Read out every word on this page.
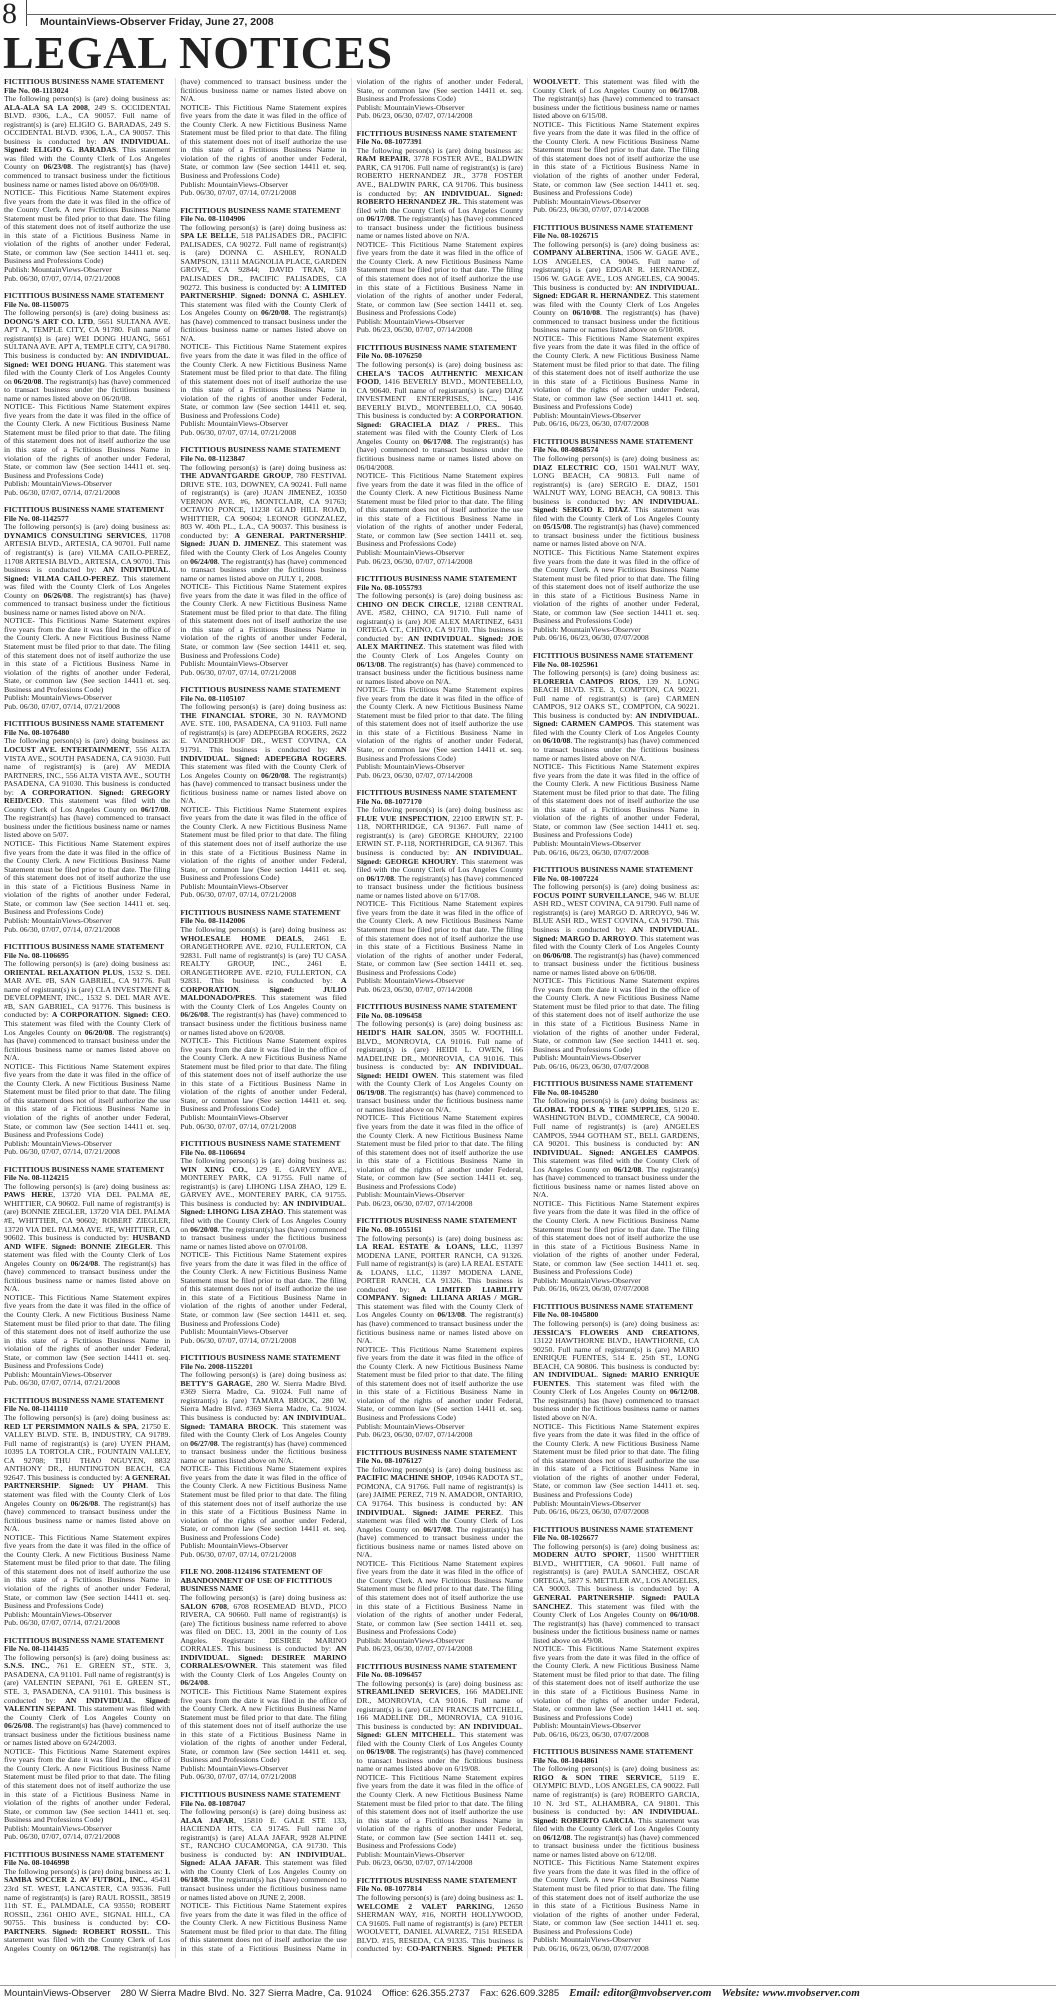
8 MountainViews-Observer Friday, June 27, 2008
LEGAL NOTICES
FICTITIOUS BUSINESS NAME STATEMENT
File No. 08-1113024
The following person(s) is (are) doing business as: ALA-ALA SA LA 2008, 249 S. OCCIDENTAL BLVD. #306, L.A., CA 90057. Full name of registrant(s) is (are) ELIGIO G. BARADAS, 249 S. OCCIDENTAL BLVD. #306, L.A., CA 90057. This business is conducted by: AN INDIVIDUAL. Signed: ELIGIO G. BARADAS. This statement was filed with the County Clerk of Los Angeles County on 06/23/08. The registrant(s) has (have) commenced to transact business under the fictitious business name or names listed above on 06/09/08.
NOTICE- This Fictitious Name Statement expires five years from the date it was filed in the office of the County Clerk. A new Fictitious Business Name Statement must be filed prior to that date. The filing of this statement does not of itself authorize the use in this state of a Fictitious Business Name in violation of the rights of another under Federal, State, or common law (See section 14411 et. seq. Business and Professions Code)
Publish: MountainViews-Observer
Pub. 06/30, 07/07, 07/14, 07/21/2008
FICTITIOUS BUSINESS NAME STATEMENT
File No. 08-1150075
The following person(s) is (are) doing business as: DOONG'S ART CO. LTD, 5651 SULTANA AVE. APT A, TEMPLE CITY, CA 91780. Full name of registrant(s) is (are) WEI DONG HUANG, 5651 SULTANA AVE. APT A, TEMPLE CITY, CA 91780. This business is conducted by: AN INDIVIDUAL. Signed: WEI DONG HUANG. This statement was filed with the County Clerk of Los Angeles County on 06/20/08. The registrant(s) has (have) commenced to transact business under the fictitious business name or names listed above on 06/20/08.
NOTICE- This Fictitious Name Statement expires five years from the date it was filed in the office of the County Clerk. A new Fictitious Business Name Statement must be filed prior to that date. The filing of this statement does not of itself authorize the use in this state of a Fictitious Business Name in violation of the rights of another under Federal, State, or common law (See section 14411 et. seq. Business and Professions Code)
Publish: MountainViews-Observer
Pub. 06/30, 07/07, 07/14, 07/21/2008
FICTITIOUS BUSINESS NAME STATEMENT
File No. 08-1142577
The following person(s) is (are) doing business as: DYNAMICS CONSULTING SERVICES, 11708 ARTESIA BLVD., ARTESIA, CA 90701. Full name of registrant(s) is (are) VILMA CAILO-PEREZ, 11708 ARTESIA BLVD., ARTESIA, CA 90701. This business is conducted by: AN INDIVIDUAL. Signed: VILMA CAILO-PEREZ. This statement was filed with the County Clerk of Los Angeles County on 06/26/08. The registrant(s) has (have) commenced to transact business under the fictitious business name or names listed above on N/A.
NOTICE- This Fictitious Name Statement expires five years from the date it was filed in the office of the County Clerk. A new Fictitious Business Name Statement must be filed prior to that date. The filing of this statement does not of itself authorize the use in this state of a Fictitious Business Name in violation of the rights of another under Federal, State, or common law (See section 14411 et. seq. Business and Professions Code)
Publish: MountainViews-Observer
Pub. 06/30, 07/07, 07/14, 07/21/2008
FICTITIOUS BUSINESS NAME STATEMENT
File No. 08-1076480
The following person(s) is (are) doing business as: LOCUST AVE. ENTERTAINMENT, 556 ALTA VISTA AVE., SOUTH PASADENA, CA 91030. Full name of registrant(s) is (are) AV MEDIA PARTNERS, INC., 556 ALTA VISTA AVE., SOUTH PASADENA, CA 91030. This business is conducted by: A CORPORATION. Signed: GREGORY REID/CEO. This statement was filed with the County Clerk of Los Angeles County on 06/17/08. The registrant(s) has (have) commenced to transact business under the fictitious business name or names listed above on 5/07.
NOTICE- This Fictitious Name Statement expires five years from the date it was filed in the office of the County Clerk. A new Fictitious Business Name Statement must be filed prior to that date. The filing of this statement does not of itself authorize the use in this state of a Fictitious Business Name in violation of the rights of another under Federal, State, or common law (See section 14411 et. seq. Business and Professions Code)
Publish: MountainViews-Observer
Pub. 06/30, 07/07, 07/14, 07/21/2008
FICTITIOUS BUSINESS NAME STATEMENT
File No. 08-1106695
The following person(s) is (are) doing business as: ORIENTAL RELAXATION PLUS, 1532 S. DEL MAR AVE. #B, SAN GABRIEL, CA 91776. Full name of registrant(s) is (are) CLA INVESTMENT & DEVELOPMENT, INC., 1532 S. DEL MAR AVE. #B, SAN GABRIEL, CA 91776. This business is conducted by: A CORPORATION. Signed: CEO. This statement was filed with the County Clerk of Los Angeles County on 06/20/08. The registrant(s) has (have) commenced to transact business under the fictitious business name or names listed above on N/A.
NOTICE- This Fictitious Name Statement expires five years from the date it was filed in the office of the County Clerk. A new Fictitious Business Name Statement must be filed prior to that date. The filing of this statement does not of itself authorize the use in this state of a Fictitious Business Name in violation of the rights of another under Federal, State, or common law (See section 14411 et. seq. Business and Professions Code)
Publish: MountainViews-Observer
Pub. 06/30, 07/07, 07/14, 07/21/2008
FICTITIOUS BUSINESS NAME STATEMENT
File No. 08-1124215
The following person(s) is (are) doing business as: PAWS HERE, 13720 VIA DEL PALMA #E, WHITTIER, CA 90602. Full name of registrant(s) is (are) BONNIE ZIEGLER, 13720 VIA DEL PALMA #E, WHITTIER, CA 90602; ROBERT ZIEGLER, 13720 VIA DEL PALMA AVE. #E, WHITTIER, CA 90602. This business is conducted by: HUSBAND AND WIFE. Signed: BONNIE ZIEGLER. This statement was filed with the County Clerk of Los Angeles County on 06/24/08. The registrant(s) has (have) commenced to transact business under the fictitious business name or names listed above on N/A.
NOTICE- This Fictitious Name Statement expires five years from the date it was filed in the office of the County Clerk. A new Fictitious Business Name Statement must be filed prior to that date. The filing of this statement does not of itself authorize the use in this state of a Fictitious Business Name in violation of the rights of another under Federal, State, or common law (See section 14411 et. seq. Business and Professions Code)
Publish: MountainViews-Observer
Pub. 06/30, 07/07, 07/14, 07/21/2008
FICTITIOUS BUSINESS NAME STATEMENT
File No. 08-1141110
The following person(s) is (are) doing business as: RED LT PERSIMMON NAILS & SPA, 21750 E. VALLEY BLVD. STE. B, INDUSTRY, CA 91789. Full name of registrant(s) is (are) UYEN PHAM, 10395 LA TORTOLA CIR., FOUNTAIN VALLEY, CA 92708; THU THAO NGUYEN, 8832 ANTHONY DR., HUNTINGTON BEACH, CA 92647. This business is conducted by: A GENERAL PARTNERSHIP. Signed: UY PHAM. This statement was filed with the County Clerk of Los Angeles County on 06/26/08. The registrant(s) has (have) commenced to transact business under the fictitious business name or names listed above on N/A.
NOTICE- This Fictitious Name Statement expires five years from the date it was filed in the office of the County Clerk. A new Fictitious Business Name Statement must be filed prior to that date. The filing of this statement does not of itself authorize the use in this state of a Fictitious Business Name in violation of the rights of another under Federal, State, or common law (See section 14411 et. seq. Business and Professions Code)
Publish: MountainViews-Observer
Pub. 06/30, 07/07, 07/14, 07/21/2008
FICTITIOUS BUSINESS NAME STATEMENT
File No. 08-1141435
The following person(s) is (are) doing business as: S.N.S. INC., 761 E. GREEN ST., STE. 3, PASADENA, CA 91101. Full name of registrant(s) is (are) VALENTIN SEPANI, 761 E. GREEN ST., STE. 3, PASADENA, CA 91101. This business is conducted by: AN INDIVIDUAL. Signed: VALENTIN SEPANI. This statement was filed with the County Clerk of Los Angeles County on 06/26/08. The registrant(s) has (have) commenced to transact business under the fictitious business name or names listed above on 6/24/2003.
NOTICE- This Fictitious Name Statement expires five years from the date it was filed in the office of the County Clerk. A new Fictitious Business Name Statement must be filed prior to that date. The filing of this statement does not of itself authorize the use in this state of a Fictitious Business Name in violation of the rights of another under Federal, State, or common law (See section 14411 et. seq. Business and Professions Code)
Publish: MountainViews-Observer
Pub. 06/30, 07/07, 07/14, 07/21/2008
FICTITIOUS BUSINESS NAME STATEMENT
File No. 08-1046998
The following person(s) is (are) doing business as: 1. SAMBA SOCCER 2. AV FUTBOL, INC., 45431 23rd ST. WEST, LANCASTER, CA 93536. Full name of registrant(s) is (are) RAUL ROSSIL, 38519 11th ST. E., PALMDALE, CA 93550; ROBERT ROSSIL, 2361 OHIO AVE., SIGNAL HILL, CA 90755. This business is conducted by: CO-PARTNERS. Signed: ROBERT ROSSIL. This statement was filed with the County Clerk of Los Angeles County on 06/12/08. The registrant(s) has (have) commenced to transact business under the fictitious business name or names listed above on N/A.
NOTICE- This Fictitious Name Statement expires five years from the date it was filed in the office of the County Clerk. A new Fictitious Business Name Statement must be filed prior to that date. The filing of this statement does not of itself authorize the use in this state of a Fictitious Business Name in violation of the rights of another under Federal, State, or common law (See section 14411 et. seq. Business and Professions Code)
Publish: MountainViews-Observer
Pub. 06/30, 07/07, 07/14, 07/21/2008
FICTITIOUS BUSINESS NAME STATEMENT
File No. 08-1104906
The following person(s) is (are) doing business as: SPA LE BELLE, 518 PALISADES DR., PACIFIC PALISADES, CA 90272. Full name of registrant(s) is (are) DONNA C. ASHLEY, RONALD SAMPSON, 13111 MAGNOLIA PLACE, GARDEN GROVE, CA 92844; DAVID TRAN, 518 PALISADES DR., PACIFIC PALISADES, CA 90272. This business is conducted by: A LIMITED PARTNERSHIP. Signed: DONNA C. ASHLEY. This statement was filed with the County Clerk of Los Angeles County on 06/20/08. The registrant(s) has (have) commenced to transact business under the fictitious business name or names listed above on N/A.
NOTICE- This Fictitious Name Statement expires five years from the date it was filed in the office of the County Clerk. A new Fictitious Business Name Statement must be filed prior to that date. The filing of this statement does not of itself authorize the use in this state of a Fictitious Business Name in violation of the rights of another under Federal, State, or common law (See section 14411 et. seq. Business and Professions Code)
Publish: MountainViews-Observer
Pub. 06/30, 07/07, 07/14, 07/21/2008
FICTITIOUS BUSINESS NAME STATEMENT
File No. 08-1123847
The following person(s) is (are) doing business as: THE ADVANTGARDE GROUP, 780 FESTIVAL DRIVE STE. 103, DOWNEY, CA 90241. Full name of registrant(s) is (are) JUAN JIMENEZ, 10350 VERNON AVE. #6, MONTCLAIR, CA 91763; OCTAVIO PONCE, 11238 GLAD HILL ROAD, WHITTIER, CA 90604; LEONOR GONZALEZ, 803 W. 40th PL., L.A., CA 90037. This business is conducted by: A GENERAL PARTNERSHIP. Signed: JUAN D. JIMENEZ. This statement was filed with the County Clerk of Los Angeles County on 06/24/08. The registrant(s) has (have) commenced to transact business under the fictitious business name or names listed above on JULY 1, 2008.
NOTICE- This Fictitious Name Statement expires five years from the date it was filed in the office of the County Clerk. A new Fictitious Business Name Statement must be filed prior to that date. The filing of this statement does not of itself authorize the use in this state of a Fictitious Business Name in violation of the rights of another under Federal, State, or common law (See section 14411 et. seq. Business and Professions Code)
Publish: MountainViews-Observer
Pub. 06/30, 07/07, 07/14, 07/21/2008
FICTITIOUS BUSINESS NAME STATEMENT
File No. 08-1105107
The following person(s) is (are) doing business as: THE FINANCIAL STORE, 30 N. RAYMOND AVE. STE. 100, PASADENA, CA 91103. Full name of registrant(s) is (are) ADEPEGBA ROGERS, 2622 E. VANDERHOOF DR., WEST COVINA, CA 91791. This business is conducted by: AN INDIVIDUAL. Signed: ADEPEGBA ROGERS. This statement was filed with the County Clerk of Los Angeles County on 06/20/08. The registrant(s) has (have) commenced to transact business under the fictitious business name or names listed above on N/A.
NOTICE- This Fictitious Name Statement expires five years from the date it was filed in the office of the County Clerk. A new Fictitious Business Name Statement must be filed prior to that date. The filing of this statement does not of itself authorize the use in this state of a Fictitious Business Name in violation of the rights of another under Federal, State, or common law (See section 14411 et. seq. Business and Professions Code)
Publish: MountainViews-Observer
Pub. 06/30, 07/07, 07/14, 07/21/2008
FICTITIOUS BUSINESS NAME STATEMENT
File No. 08-1142006
The following person(s) is (are) doing business as: WHOLESALE HOME DEALS, 2461 E. ORANGETHORPE AVE. #210, FULLERTON, CA 92831. Full name of registrant(s) is (are) TU CASA REALTY GROUP, INC., 2461 E. ORANGETHORPE AVE. #210, FULLERTON, CA 92831. This business is conducted by: A CORPORATION. Signed:	JULIO MALDONADO/PRES. This statement was filed with the County Clerk of Los Angeles County on 06/26/08. The registrant(s) has (have) commenced to transact business under the fictitious business name or names listed above on 6/20/08.
NOTICE- This Fictitious Name Statement expires five years from the date it was filed in the office of the County Clerk. A new Fictitious Business Name Statement must be filed prior to that date. The filing of this statement does not of itself authorize the use in this state of a Fictitious Business Name in violation of the rights of another under Federal, State, or common law (See section 14411 et. seq. Business and Professions Code)
Publish: MountainViews-Observer
Pub. 06/30, 07/07, 07/14, 07/21/2008
FICTITIOUS BUSINESS NAME STATEMENT
File No. 08-1106694
The following person(s) is (are) doing business as: WIN XING CO., 129 E. GARVEY AVE., MONTEREY PARK, CA 91755. Full name of registrant(s) is (are) LIHONG LISA ZHAO, 129 E. GARVEY AVE., MONTEREY PARK, CA 91755. This business is conducted by: AN INDIVIDUAL. Signed: LIHONG LISA ZHAO. This statement was filed with the County Clerk of Los Angeles County on 06/20/08. The registrant(s) has (have) commenced to transact business under the fictitious business name or names listed above on 07/01/08.
NOTICE- This Fictitious Name Statement expires five years from the date it was filed in the office of the County Clerk. A new Fictitious Business Name Statement must be filed prior to that date. The filing of this statement does not of itself authorize the use in this state of a Fictitious Business Name in violation of the rights of another under Federal, State, or common law (See section 14411 et. seq. Business and Professions Code)
Publish: MountainViews-Observer
Pub. 06/30, 07/07, 07/14, 07/21/2008
FICTITIOUS BUSINESS NAME STATEMENT
File No. 2008-1152201
The following person(s) is (are) doing business as: BETTY'S GARAGE, 280 W. Sierra Madre Blvd. #369 Sierra Madre, Ca. 91024. Full name of registrant(s) is (are) TAMARA BROCK, 280 W. Sierra Madre Blvd. #369 Sierra Madre, Ca. 91024. This business is conducted by: AN INDIVIDUAL. Signed: TAMARA BROCK. This statement was filed with the County Clerk of Los Angeles County on 06/27/08. The registrant(s) has (have) commenced to transact business under the fictitious business name or names listed above on N/A.
NOTICE- This Fictitious Name Statement expires five years from the date it was filed in the office of the County Clerk. A new Fictitious Business Name Statement must be filed prior to that date. The filing of this statement does not of itself authorize the use in this state of a Fictitious Business Name in violation of the rights of another under Federal, State, or common law (See section 14411 et. seq. Business and Professions Code)
Publish: MountainViews-Observer
Pub. 06/30, 07/07, 07/14, 07/21/2008
FILE NO. 2008-1124196 STATEMENT OF ABANDONMENT OF USE OF FICTITIOUS BUSINESS NAME
The following person(s) is (are) doing business as: SALON 6708, 6708 ROSEMEAD BLVD., PICO RIVERA, CA 90660. Full name of registrant(s) is (are) The fictitious business name referred to above was filed on DEC. 13, 2001 in the county of Los Angeles. Registrant: DESIREE MARINO CORRALES. This business is conducted by: AN INDIVIDUAL. Signed: DESIREE MARINO CORRALES/OWNER. This statement was filed with the County Clerk of Los Angeles County on 06/24/08.
NOTICE- This Fictitious Name Statement expires five years from the date it was filed in the office of the County Clerk. A new Fictitious Business Name Statement must be filed prior to that date. The filing of this statement does not of itself authorize the use in this state of a Fictitious Business Name in violation of the rights of another under Federal, State, or common law (See section 14411 et. seq. Business and Professions Code)
Publish: MountainViews-Observer
Pub. 06/30, 07/07, 07/14, 07/21/2008
FICTITIOUS BUSINESS NAME STATEMENT
File No. 08-1087047
The following person(s) is (are) doing business as: ALAA JAFAR, 15810 E. GALE STE 133, HACIENDA HTS, CA 91745. Full name of registrant(s) is (are) ALAA JAFAR, 9928 ALPINE ST., RANCHO CUCAMONGA, CA 91730. This business is conducted by: AN INDIVIDUAL. Signed: ALAA JAFAR. This statement was filed with the County Clerk of Los Angeles County on 06/18/08. The registrant(s) has (have) commenced to transact business under the fictitious business name or names listed above on JUNE 2, 2008.
NOTICE- This Fictitious Name Statement expires five years from the date it was filed in the office of the County Clerk. A new Fictitious Business Name Statement must be filed prior to that date. The filing of this statement does not of itself authorize the use in this state of a Fictitious Business Name in violation of the rights of another under Federal, State, or common law (See section 14411 et. seq. Business and Professions Code)
Publish: MountainViews-Observer
Pub. 06/23, 06/30, 07/07, 07/14/2008
FICTITIOUS BUSINESS NAME STATEMENT
File No. 08-1077391
The following person(s) is (are) doing business as: R&M REPAIR, 3778 FOSTER AVE., BALDWIN PARK, CA 91706. Full name of registrant(s) is (are) ROBERTO HERNANDEZ JR., 3778 FOSTER AVE., BALDWIN PARK, CA 91706. This business is conducted by: AN INDIVIDUAL. Signed: ROBERTO HERNANDEZ JR.. This statement was filed with the County Clerk of Los Angeles County on 06/17/08. The registrant(s) has (have) commenced to transact business under the fictitious business name or names listed above on N/A.
NOTICE- This Fictitious Name Statement expires five years from the date it was filed in the office of the County Clerk. A new Fictitious Business Name Statement must be filed prior to that date. The filing of this statement does not of itself authorize the use in this state of a Fictitious Business Name in violation of the rights of another under Federal, State, or common law (See section 14411 et. seq. Business and Professions Code)
Publish: MountainViews-Observer
Pub. 06/23, 06/30, 07/07, 07/14/2008
FICTITIOUS BUSINESS NAME STATEMENT
File No. 08-1076250
The following person(s) is (are) doing business as: CHELA'S TACOS AUTHENTIC MEXICAN FOOD, 1416 BEVERLY BLVD., MONTEBELLO, CA 90640. Full name of registrant(s) is (are) DIAZ INVESTMENT ENTERPRISES, INC., 1416 BEVERLY BLVD., MONTEBELLO, CA 90640. This business is conducted by: A CORPORATION. Signed: GRACIELA DIAZ / PRES.. This statement was filed with the County Clerk of Los Angeles County on 06/17/08. The registrant(s) has (have) commenced to transact business under the fictitious business name or names listed above on 06/04/2008.
NOTICE- This Fictitious Name Statement expires five years from the date it was filed in the office of the County Clerk. A new Fictitious Business Name Statement must be filed prior to that date. The filing of this statement does not of itself authorize the use in this state of a Fictitious Business Name in violation of the rights of another under Federal, State, or common law (See section 14411 et. seq. Business and Professions Code)
Publish: MountainViews-Observer
Pub. 06/23, 06/30, 07/07, 07/14/2008
FICTITIOUS BUSINESS NAME STATEMENT
File No. 08-1055793
The following person(s) is (are) doing business as: CHINO ON DECK CIRCLE, 12188 CENTRAL AVE. #582, CHINO, CA 91710. Full name of registrant(s) is (are) JOE ALEX MARTINEZ, 6431 ORTEGA CT., CHINO, CA 91710. This business is conducted by: AN INDIVIDUAL. Signed: JOE ALEX MARTINEZ. This statement was filed with the County Clerk of Los Angeles County on 06/13/08. The registrant(s) has (have) commenced to transact business under the fictitious business name or names listed above on N/A.
NOTICE- This Fictitious Name Statement expires five years from the date it was filed in the office of the County Clerk. A new Fictitious Business Name Statement must be filed prior to that date. The filing of this statement does not of itself authorize the use in this state of a Fictitious Business Name in violation of the rights of another under Federal, State, or common law (See section 14411 et. seq. Business and Professions Code)
Publish: MountainViews-Observer
Pub. 06/23, 06/30, 07/07, 07/14/2008
FICTITIOUS BUSINESS NAME STATEMENT
File No. 08-1077170
The following person(s) is (are) doing business as: FLUE VUE INSPECTION, 22100 ERWIN ST. P-118, NORTHRIDGE, CA 91367. Full name of registrant(s) is (are) GEORGE KHOURY, 22100 ERWIN ST. P-118, NORTHRIDGE, CA 91367. This business is conducted by: AN INDIVIDUAL. Signed: GEORGE KHOURY. This statement was filed with the County Clerk of Los Angeles County on 06/17/08. The registrant(s) has (have) commenced to transact business under the fictitious business name or names listed above on 6/17/08.
NOTICE- This Fictitious Name Statement expires five years from the date it was filed in the office of the County Clerk. A new Fictitious Business Name Statement must be filed prior to that date. The filing of this statement does not of itself authorize the use in this state of a Fictitious Business Name in violation of the rights of another under Federal, State, or common law (See section 14411 et. seq. Business and Professions Code)
Publish: MountainViews-Observer
Pub. 06/23, 06/30, 07/07, 07/14/2008
FICTITIOUS BUSINESS NAME STATEMENT
File No. 08-1096458
The following person(s) is (are) doing business as: HEIDI'S HAIR SALON, 3505 W. FOOTHILL BLVD., MONROVIA, CA 91016. Full name of registrant(s) is (are) HEIDI L. OWEN, 166 MADELINE DR., MONROVIA, CA 91016. This business is conducted by: AN INDIVIDUAL. Signed: HEIDI OWEN. This statement was filed with the County Clerk of Los Angeles County on 06/19/08. The registrant(s) has (have) commenced to transact business under the fictitious business name or names listed above on N/A.
NOTICE- This Fictitious Name Statement expires five years from the date it was filed in the office of the County Clerk. A new Fictitious Business Name Statement must be filed prior to that date. The filing of this statement does not of itself authorize the use in this state of a Fictitious Business Name in violation of the rights of another under Federal, State, or common law (See section 14411 et. seq. Business and Professions Code)
Publish: MountainViews-Observer
Pub. 06/23, 06/30, 07/07, 07/14/2008
FICTITIOUS BUSINESS NAME STATEMENT
File No. 08-1055161
The following person(s) is (are) doing business as: LA REAL ESTATE & LOANS, LLC, 11397 MODENA LANE, PORTER RANCH, CA 91326. Full name of registrant(s) is (are) LA REAL ESTATE & LOANS, LLC, 11397 MODENA LANE, PORTER RANCH, CA 91326. This business is conducted by: A LIMITED LIABILITY COMPANY. Signed: LILIANA ARIAS / MGR.. This statement was filed with the County Clerk of Los Angeles County on 06/13/08. The registrant(s) has (have) commenced to transact business under the fictitious business name or names listed above on N/A.
NOTICE- This Fictitious Name Statement expires five years from the date it was filed in the office of the County Clerk. A new Fictitious Business Name Statement must be filed prior to that date. The filing of this statement does not of itself authorize the use in this state of a Fictitious Business Name in violation of the rights of another under Federal, State, or common law (See section 14411 et. seq. Business and Professions Code)
Publish: MountainViews-Observer
Pub. 06/23, 06/30, 07/07, 07/14/2008
FICTITIOUS BUSINESS NAME STATEMENT
File No. 08-1076127
The following person(s) is (are) doing business as: PACIFIC MACHINE SHOP, 10946 KADOTA ST., POMONA, CA 91766. Full name of registrant(s) is (are) JAIME PEREZ, 719 N. AMADOR, ONTARIO, CA 91764. This business is conducted by: AN INDIVIDUAL. Signed: JAIME PEREZ. This statement was filed with the County Clerk of Los Angeles County on 06/17/08. The registrant(s) has (have) commenced to transact business under the fictitious business name or names listed above on N/A.
NOTICE- This Fictitious Name Statement expires five years from the date it was filed in the office of the County Clerk. A new Fictitious Business Name Statement must be filed prior to that date. The filing of this statement does not of itself authorize the use in this state of a Fictitious Business Name in violation of the rights of another under Federal, State, or common law (See section 14411 et. seq. Business and Professions Code)
Publish: MountainViews-Observer
Pub. 06/23, 06/30, 07/07, 07/14/2008
FICTITIOUS BUSINESS NAME STATEMENT
File No. 08-1096457
The following person(s) is (are) doing business as: STREAMLINED SERVICES, 166 MADELINE DR., MONROVIA, CA 91016. Full name of registrant(s) is (are) GLEN FRANCIS MITCHELL, 166 MADELINE DR., MONROVIA, CA 91016. This business is conducted by: AN INDIVIDUAL. Signed: GLEN MITCHELL. This statement was filed with the County Clerk of Los Angeles County on 06/19/08. The registrant(s) has (have) commenced to transact business under the fictitious business name or names listed above on 6/19/08.
NOTICE- This Fictitious Name Statement expires five years from the date it was filed in the office of the County Clerk. A new Fictitious Business Name Statement must be filed prior to that date. The filing of this statement does not of itself authorize the use in this state of a Fictitious Business Name in violation of the rights of another under Federal, State, or common law (See section 14411 et. seq. Business and Professions Code)
Publish: MountainViews-Observer
Pub. 06/23, 06/30, 07/07, 07/14/2008
FICTITIOUS BUSINESS NAME STATEMENT
File No. 08-1077814
The following person(s) is (are) doing business as: 1. WELCOME 2 VALET PARKING, 12650 SHERMAN WAY, #16, NORTH HOLLYWOOD, CA 91605. Full name of registrant(s) is (are) PETER WOOLVETT, DANIEL ALVAREZ, 7151 RESEDA BLVD. #15, RESEDA, CA 91335. This business is conducted by: CO-PARTNERS. Signed: PETER WOOLVETT. This statement was filed with the County Clerk of Los Angeles County on 06/17/08. The registrant(s) has (have) commenced to transact business under the fictitious business name or names listed above on 6/15/08.
NOTICE- This Fictitious Name Statement expires five years from the date it was filed in the office of the County Clerk. A new Fictitious Business Name Statement must be filed prior to that date. The filing of this statement does not of itself authorize the use in this state of a Fictitious Business Name in violation of the rights of another under Federal, State, or common law (See section 14411 et. seq. Business and Professions Code)
Publish: MountainViews-Observer
Pub. 06/23, 06/30, 07/07, 07/14/2008
FICTITIOUS BUSINESS NAME STATEMENT
File No. 08-1026715
The following person(s) is (are) doing business as: COMPANY ALBERTINA, 1506 W. GAGE AVE., LOS ANGELES, CA 90045. Full name of registrant(s) is (are) EDGAR R. HERNANDEZ, 1506 W. GAGE AVE., LOS ANGELES, CA 90045. This business is conducted by: AN INDIVIDUAL. Signed: EDGAR R. HERNANDEZ. This statement was filed with the County Clerk of Los Angeles County on 06/10/08. The registrant(s) has (have) commenced to transact business under the fictitious business name or names listed above on 6/10/08.
NOTICE- This Fictitious Name Statement expires five years from the date it was filed in the office of the County Clerk. A new Fictitious Business Name Statement must be filed prior to that date. The filing of this statement does not of itself authorize the use in this state of a Fictitious Business Name in violation of the rights of another under Federal, State, or common law (See section 14411 et. seq. Business and Professions Code)
Publish: MountainViews-Observer
Pub. 06/16, 06/23, 06/30, 07/07/2008
FICTITIOUS BUSINESS NAME STATEMENT
File No. 08-0868574
The following person(s) is (are) doing business as: DIAZ ELECTRIC CO, 1501 WALNUT WAY, LONG BEACH, CA 90813. Full name of registrant(s) is (are) SERGIO E. DIAZ, 1501 WALNUT WAY, LONG BEACH, CA 90813. This business is conducted by: AN INDIVIDUAL. Signed: SERGIO E. DIAZ. This statement was filed with the County Clerk of Los Angeles County on 05/15/08. The registrant(s) has (have) commenced to transact business under the fictitious business name or names listed above on N/A.
NOTICE- This Fictitious Name Statement expires five years from the date it was filed in the office of the County Clerk. A new Fictitious Business Name Statement must be filed prior to that date. The filing of this statement does not of itself authorize the use in this state of a Fictitious Business Name in violation of the rights of another under Federal, State, or common law (See section 14411 et. seq. Business and Professions Code)
Publish: MountainViews-Observer
Pub. 06/16, 06/23, 06/30, 07/07/2008
FICTITIOUS BUSINESS NAME STATEMENT
File No. 08-1025961
The following person(s) is (are) doing business as: FLORERIA CAMPOS RIOS, 139 N. LONG BEACH BLVD. STE. 3, COMPTON, CA 90221. Full name of registrant(s) is (are) CARMEN CAMPOS, 912 OAKS ST., COMPTON, CA 90221. This business is conducted by: AN INDIVIDUAL. Signed: CARMEN CAMPOS. This statement was filed with the County Clerk of Los Angeles County on 06/10/08. The registrant(s) has (have) commenced to transact business under the fictitious business name or names listed above on N/A.
NOTICE- This Fictitious Name Statement expires five years from the date it was filed in the office of the County Clerk. A new Fictitious Business Name Statement must be filed prior to that date. The filing of this statement does not of itself authorize the use in this state of a Fictitious Business Name in violation of the rights of another under Federal, State, or common law (See section 14411 et. seq. Business and Professions Code)
Publish: MountainViews-Observer
Pub. 06/16, 06/23, 06/30, 07/07/2008
FICTITIOUS BUSINESS NAME STATEMENT
File No. 08-1007224
The following person(s) is (are) doing business as: FOCUS POINT SURVEILLANCE, 946 W. BLUE ASH RD., WEST COVINA, CA 91790. Full name of registrant(s) is (are) MARGO D. ARROYO, 946 W. BLUE ASH RD., WEST COVINA, CA 91790. This business is conducted by: AN INDIVIDUAL. Signed: MARGO D. ARROYO. This statement was filed with the County Clerk of Los Angeles County on 06/06/08. The registrant(s) has (have) commenced to transact business under the fictitious business name or names listed above on 6/06/08.
NOTICE- This Fictitious Name Statement expires five years from the date it was filed in the office of the County Clerk. A new Fictitious Business Name Statement must be filed prior to that date. The filing of this statement does not of itself authorize the use in this state of a Fictitious Business Name in violation of the rights of another under Federal, State, or common law (See section 14411 et. seq. Business and Professions Code)
Publish: MountainViews-Observer
Pub. 06/16, 06/23, 06/30, 07/07/2008
FICTITIOUS BUSINESS NAME STATEMENT
File No. 08-1045280
The following person(s) is (are) doing business as: GLOBAL TOOLS & TIRE SUPPLIES, 5120 E. WASHINGTON BLVD., COMMERCE, CA 90040. Full name of registrant(s) is (are) ANGELES CAMPOS, 5944 GOTHAM ST., BELL GARDENS, CA 90201. This business is conducted by: AN INDIVIDUAL. Signed: ANGELES CAMPOS. This statement was filed with the County Clerk of Los Angeles County on 06/12/08. The registrant(s) has (have) commenced to transact business under the fictitious business name or names listed above on N/A.
NOTICE- This Fictitious Name Statement expires five years from the date it was filed in the office of the County Clerk. A new Fictitious Business Name Statement must be filed prior to that date. The filing of this statement does not of itself authorize the use in this state of a Fictitious Business Name in violation of the rights of another under Federal, State, or common law (See section 14411 et. seq. Business and Professions Code)
Publish: MountainViews-Observer
Pub. 06/16, 06/23, 06/30, 07/07/2008
FICTITIOUS BUSINESS NAME STATEMENT
File No. 08-1045800
The following person(s) is (are) doing business as: JESSICA'S FLOWERS AND CREATIONS, 13122 HAWTHORNE BLVD., HAWTHORNE, CA 90250. Full name of registrant(s) is (are) MARIO ENRIQUE FUENTES, 514 E. 25th ST., LONG BEACH, CA 90806. This business is conducted by: AN INDIVIDUAL. Signed: MARIO ENRIQUE FUENTES. This statement was filed with the County Clerk of Los Angeles County on 06/12/08. The registrant(s) has (have) commenced to transact business under the fictitious business name or names listed above on N/A.
NOTICE- This Fictitious Name Statement expires five years from the date it was filed in the office of the County Clerk. A new Fictitious Business Name Statement must be filed prior to that date. The filing of this statement does not of itself authorize the use in this state of a Fictitious Business Name in violation of the rights of another under Federal, State, or common law (See section 14411 et. seq. Business and Professions Code)
Publish: MountainViews-Observer
Pub. 06/16, 06/23, 06/30, 07/07/2008
FICTITIOUS BUSINESS NAME STATEMENT
File No. 08-1026677
The following person(s) is (are) doing business as: MODERN AUTO SPORT, 11500 WHITTIER BLVD., WHITTIER, CA 90601. Full name of registrant(s) is (are) PAULA SANCHEZ, OSCAR ORTEGA, 5877 S. METTLER AV., LOS ANGELES, CA 90003. This business is conducted by: A GENERAL PARTNERSHIP. Signed: PAULA SANCHEZ. This statement was filed with the County Clerk of Los Angeles County on 06/10/08. The registrant(s) has (have) commenced to transact business under the fictitious business name or names listed above on 4/9/08.
NOTICE- This Fictitious Name Statement expires five years from the date it was filed in the office of the County Clerk. A new Fictitious Business Name Statement must be filed prior to that date. The filing of this statement does not of itself authorize the use in this state of a Fictitious Business Name in violation of the rights of another under Federal, State, or common law (See section 14411 et. seq. Business and Professions Code)
Publish: MountainViews-Observer
Pub. 06/16, 06/23, 06/30, 07/07/2008
FICTITIOUS BUSINESS NAME STATEMENT
File No. 08-1044861
The following person(s) is (are) doing business as: RIGO & SON TIRE SERVICE, 5119 E. OLYMPIC BLVD., LOS ANGELES, CA 90022. Full name of registrant(s) is (are) ROBERTO GARCIA, 10 N. 3rd ST., ALHAMBRA, CA 91801. This business is conducted by: AN INDIVIDUAL. Signed: ROBERTO GARCIA. This statement was filed with the County Clerk of Los Angeles County on 06/12/08. The registrant(s) has (have) commenced to transact business under the fictitious business name or names listed above on 6/12/08.
NOTICE- This Fictitious Name Statement expires five years from the date it was filed in the office of the County Clerk. A new Fictitious Business Name Statement must be filed prior to that date. The filing of this statement does not of itself authorize the use in this state of a Fictitious Business Name in violation of the rights of another under Federal, State, or common law (See section 14411 et. seq. Business and Professions Code)
Publish: MountainViews-Observer
Pub. 06/16, 06/23, 06/30, 07/07/2008
MountainViews-Observer 280 W Sierra Madre Blvd. No. 327 Sierra Madre, Ca. 91024 Office: 626.355.2737 Fax: 626.609.3285 Email: editor@mvobserver.com Website: www.mvobserver.com
